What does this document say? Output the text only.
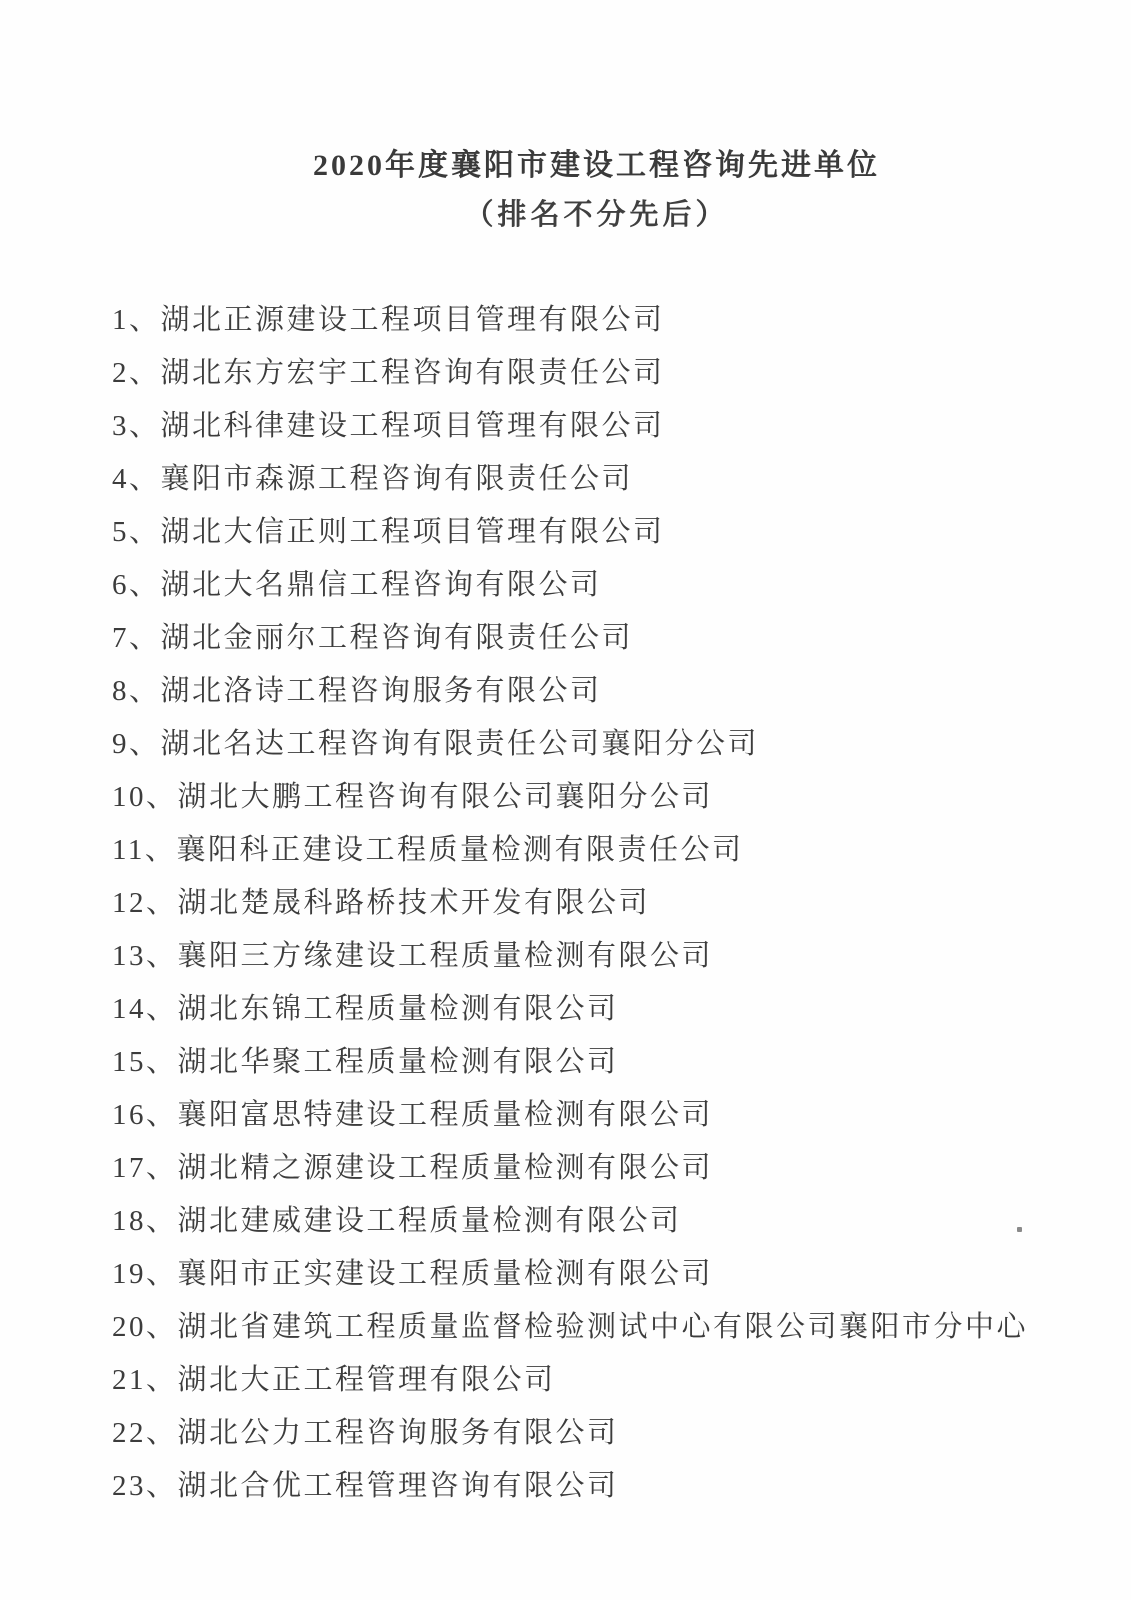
2020年度襄阳市建设工程咨询先进单位
（排名不分先后）
1、湖北正源建设工程项目管理有限公司
2、湖北东方宏宇工程咨询有限责任公司
3、湖北科律建设工程项目管理有限公司
4、襄阳市森源工程咨询有限责任公司
5、湖北大信正则工程项目管理有限公司
6、湖北大名鼎信工程咨询有限公司
7、湖北金丽尔工程咨询有限责任公司
8、湖北洛诗工程咨询服务有限公司
9、湖北名达工程咨询有限责任公司襄阳分公司
10、湖北大鹏工程咨询有限公司襄阳分公司
11、襄阳科正建设工程质量检测有限责任公司
12、湖北楚晟科路桥技术开发有限公司
13、襄阳三方缘建设工程质量检测有限公司
14、湖北东锦工程质量检测有限公司
15、湖北华聚工程质量检测有限公司
16、襄阳富思特建设工程质量检测有限公司
17、湖北精之源建设工程质量检测有限公司
18、湖北建威建设工程质量检测有限公司
19、襄阳市正实建设工程质量检测有限公司
20、湖北省建筑工程质量监督检验测试中心有限公司襄阳市分中心
21、湖北大正工程管理有限公司
22、湖北公力工程咨询服务有限公司
23、湖北合优工程管理咨询有限公司
